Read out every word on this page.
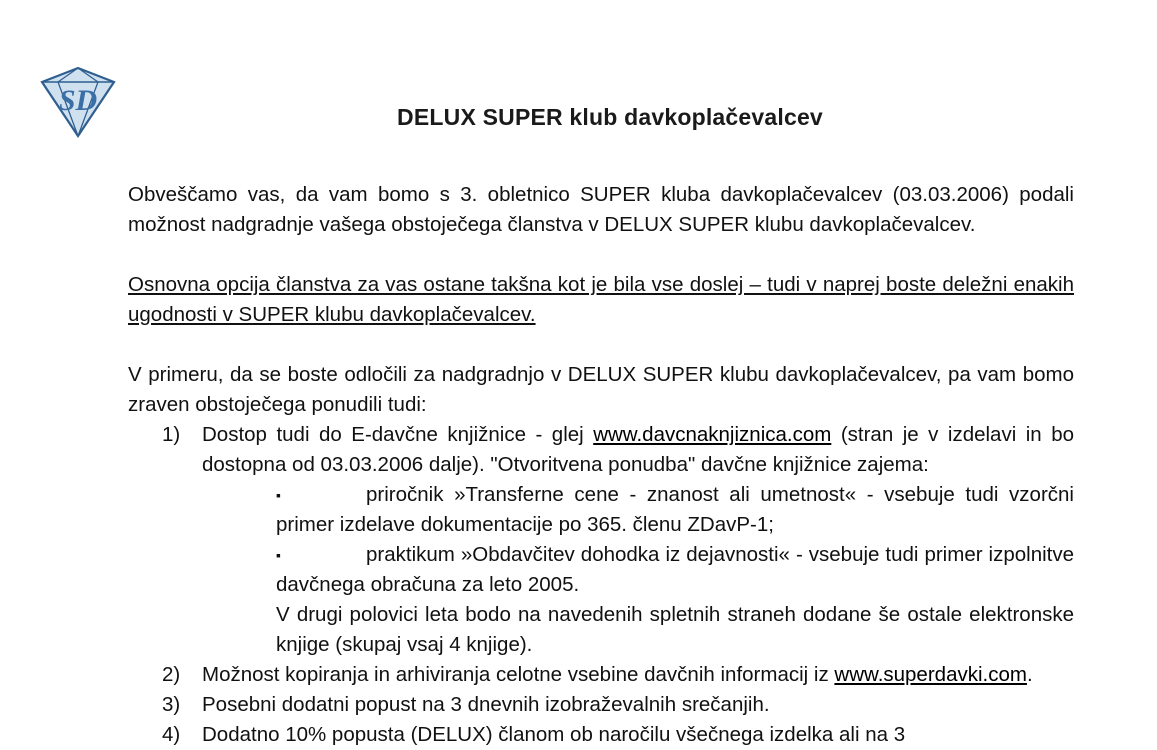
SD	DELUX SUPER klub davkoplačevalcev

Obveščamo vas, da vam bomo s 3. obletnico SUPER kluba davkoplačevalcev (03.03.2006) podali možnost nadgradnje vašega obstoječega članstva v DELUX SUPER klubu davkoplačevalcev.

Osnovna opcija članstva za vas ostane takšna kot je bila vse doslej – tudi v naprej boste deležni enakih ugodnosti v SUPER klubu davkoplačevalcev.

V primeru, da se boste odločili za nadgradnjo v DELUX SUPER klubu davkoplačevalcev, pa vam bomo zraven obstoječega ponudili tudi:

1)	Dostop tudi do E-davčne knjižnice - glej www.davcnaknjiznica.com (stran je v izdelavi in bo dostopna od 03.03.2006 dalje). "Otvoritvena ponudba" davčne knjižnice zajema:
▪	priročnik »Transferne cene - znanost ali umetnost« - vsebuje tudi vzorčni primer izdelave dokumentacije po 365. členu ZDavP-1;
▪	praktikum »Obdavčitev dohodka iz dejavnosti« - vsebuje tudi primer izpolnitve davčnega obračuna za leto 2005.
V drugi polovici leta bodo na navedenih spletnih straneh dodane še ostale elektronske knjige (skupaj vsaj 4 knjige).
2)	Možnost kopiranja in arhiviranja celotne vsebine davčnih informacij iz www.superdavki.com.
3)	Posebni dodatni popust na 3 dnevnih izobraževalnih srečanjih.
4)	Dodatno 10% popusta (DELUX) članom ob naročilu všečnega izdelka ali na 3
